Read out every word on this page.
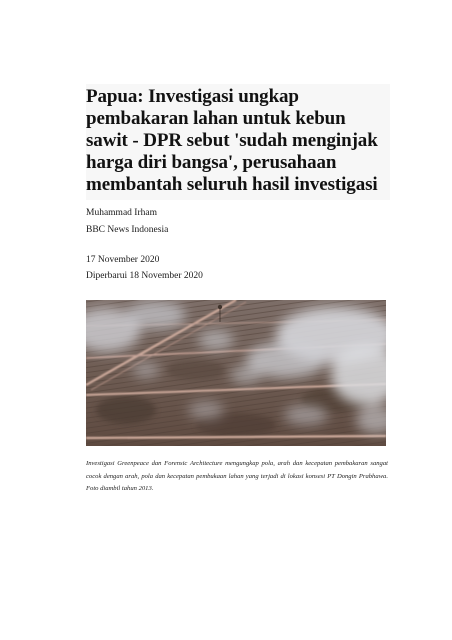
Papua: Investigasi ungkap pembakaran lahan untuk kebun sawit - DPR sebut 'sudah menginjak harga diri bangsa', perusahaan membantah seluruh hasil investigasi
Muhammad Irham
BBC News Indonesia
17 November 2020
Diperbarui 18 November 2020
Investigasi Greenpeace dan Forensic Architecture mengungkap pola, arah dan kecepatan pembakaran sangat cocok dengan arah, pola dan kecepatan pembukaan lahan yang terjadi di lokasi konsesi PT Dongin Prabhawa. Foto diambil tahun 2013.
